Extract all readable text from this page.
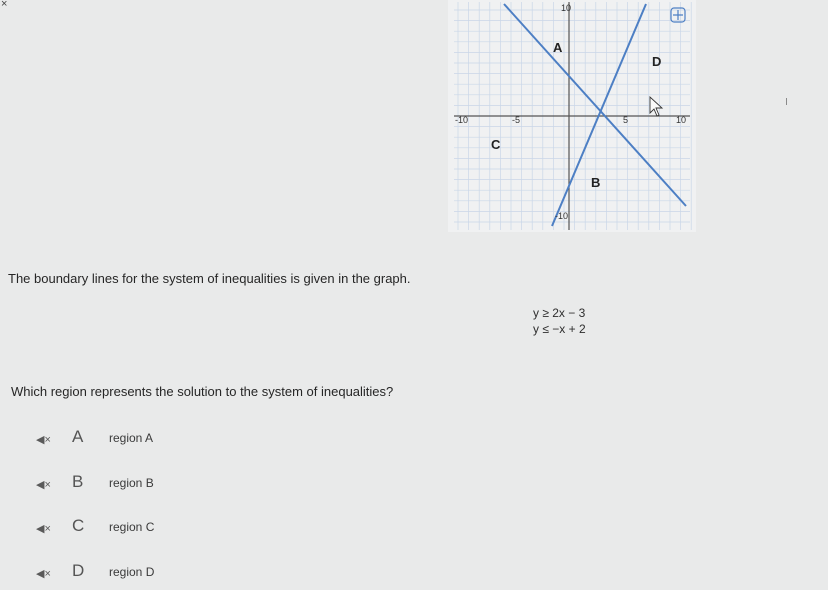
×
-10	-5	5	10
10
-10
A
D
C
B
The boundary lines for the system of inequalities is given in the graph.
y ≥ 2x − 3
y ≤ −x + 2
Which region represents the solution to the system of inequalities?
◀× A region A
◀× B region B
◀× C region C
◀× D region D
